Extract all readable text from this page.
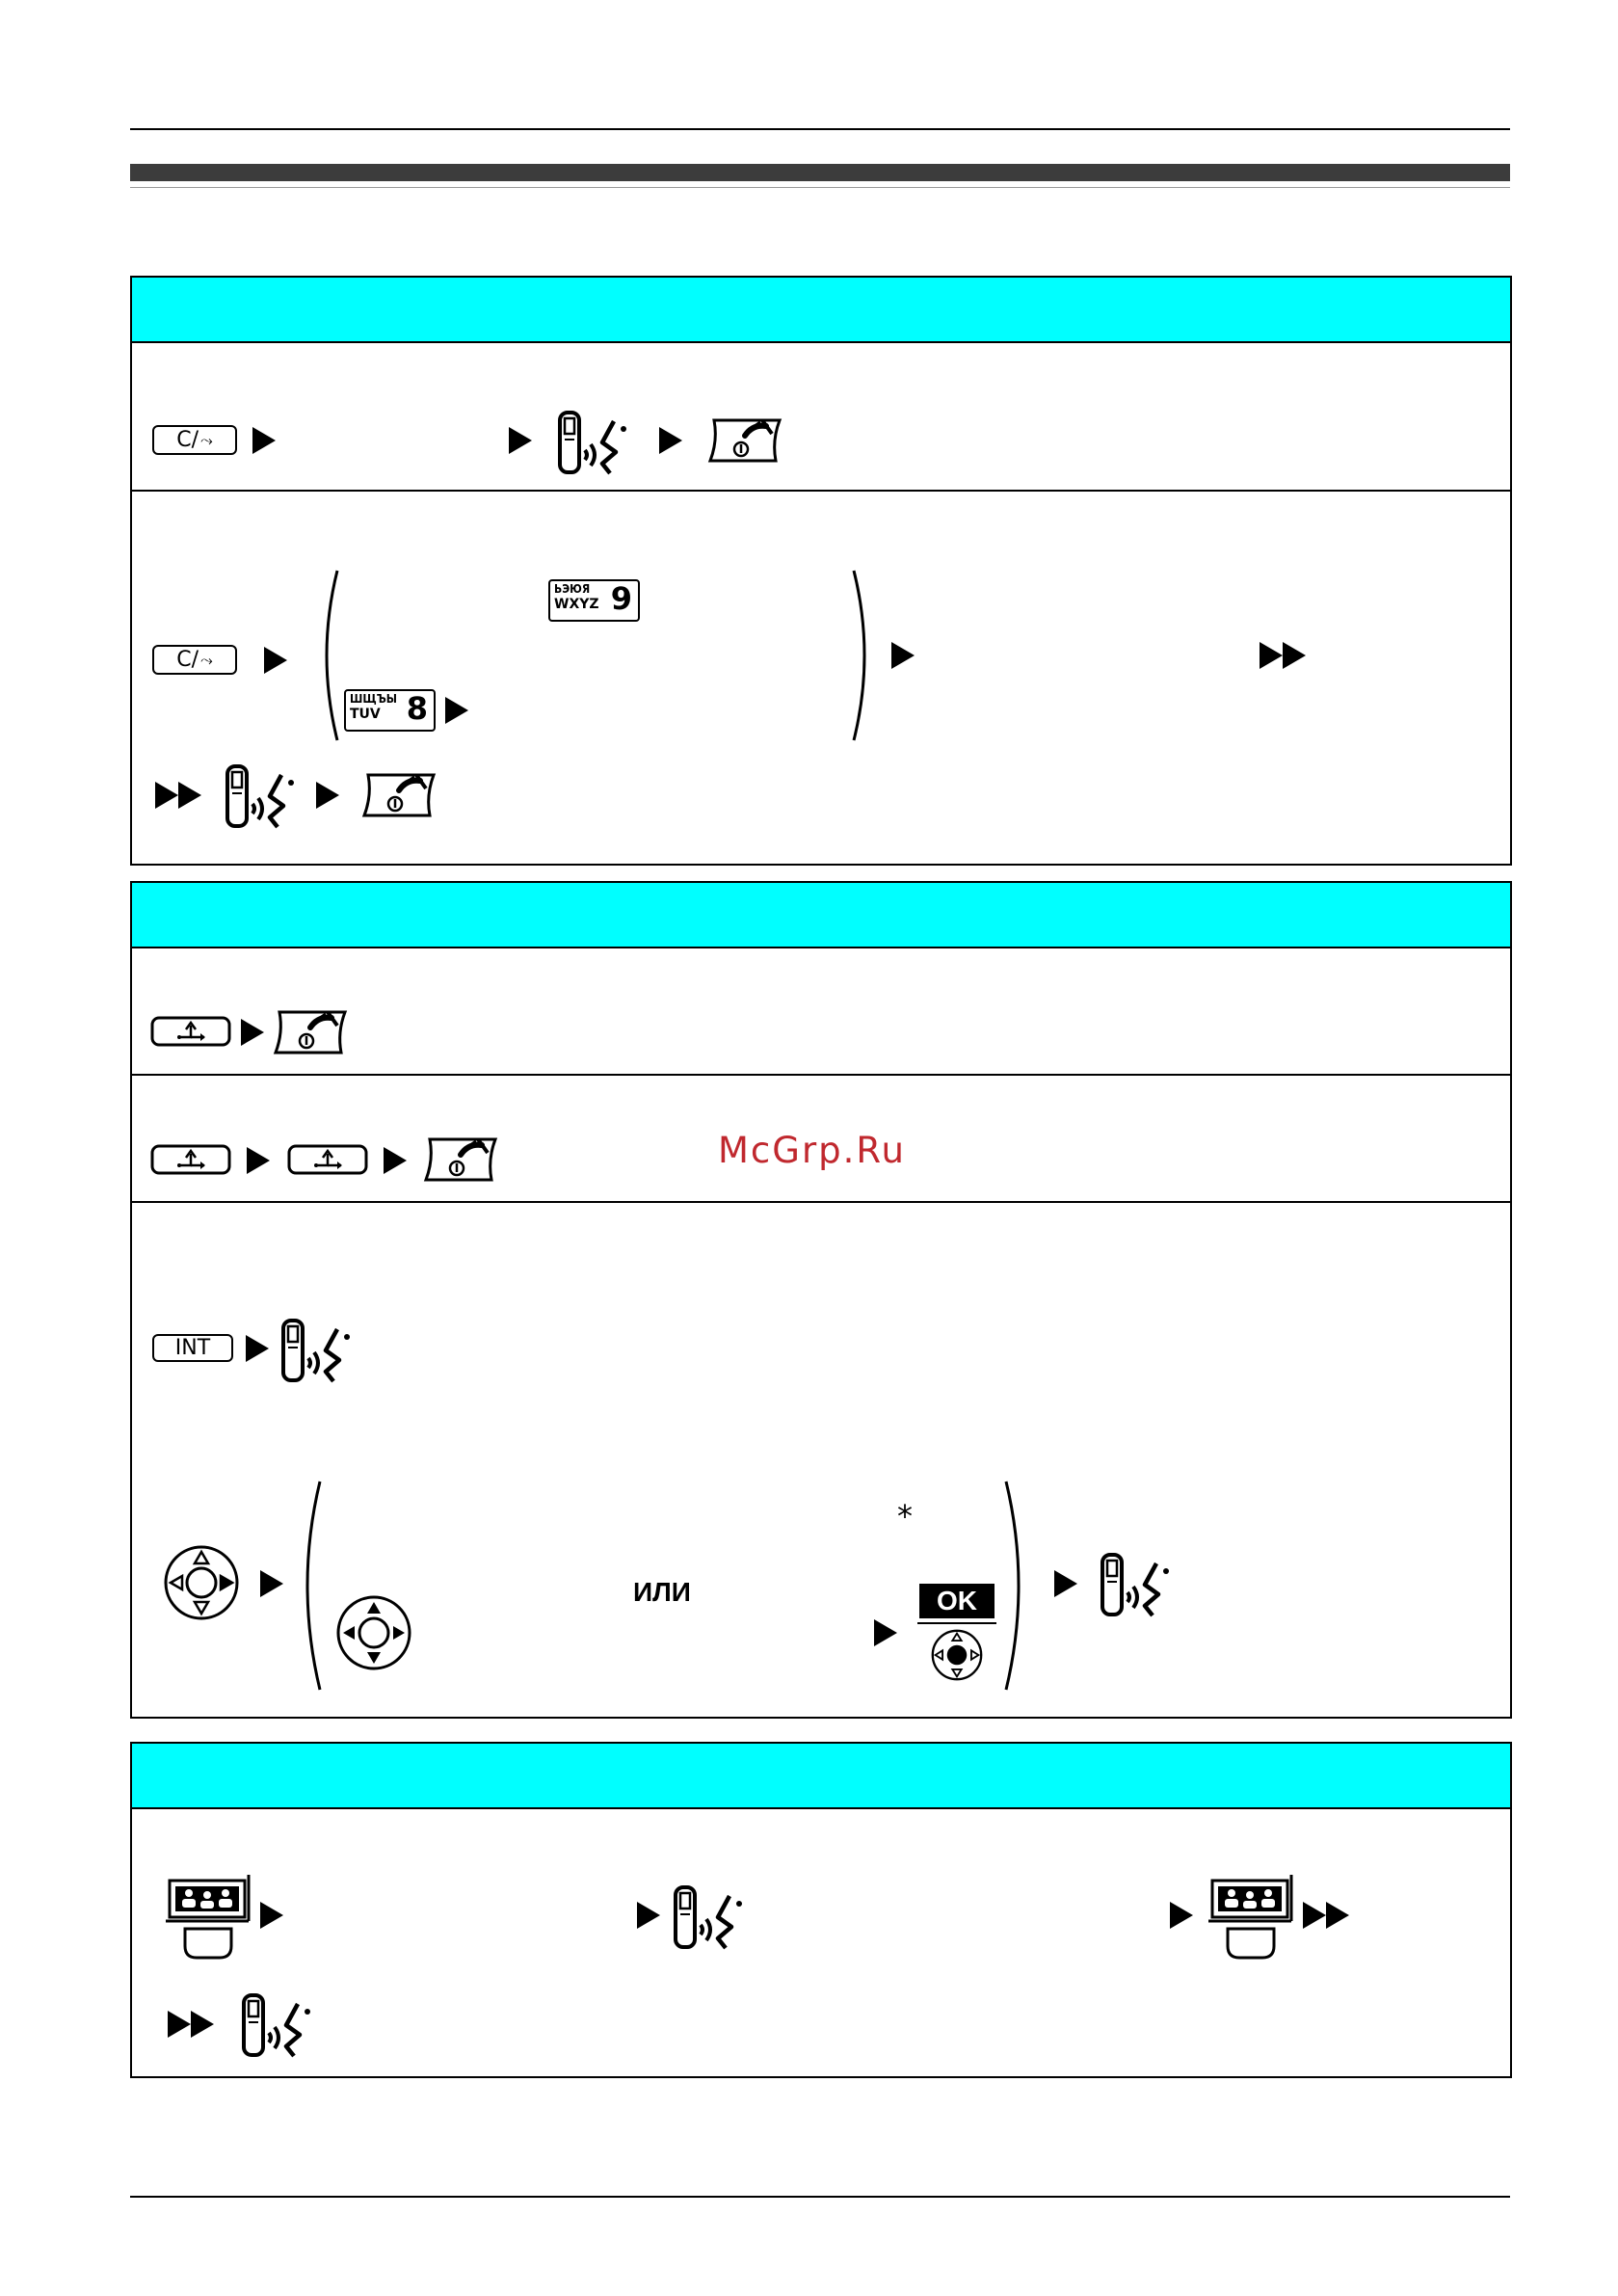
C/ ⤳
C/ ⤳
ЬЭЮЯ
WXYZ 9
ШЩЪЫ
TUV 8
McGrp.Ru
INT
ИЛИ
*
OK
